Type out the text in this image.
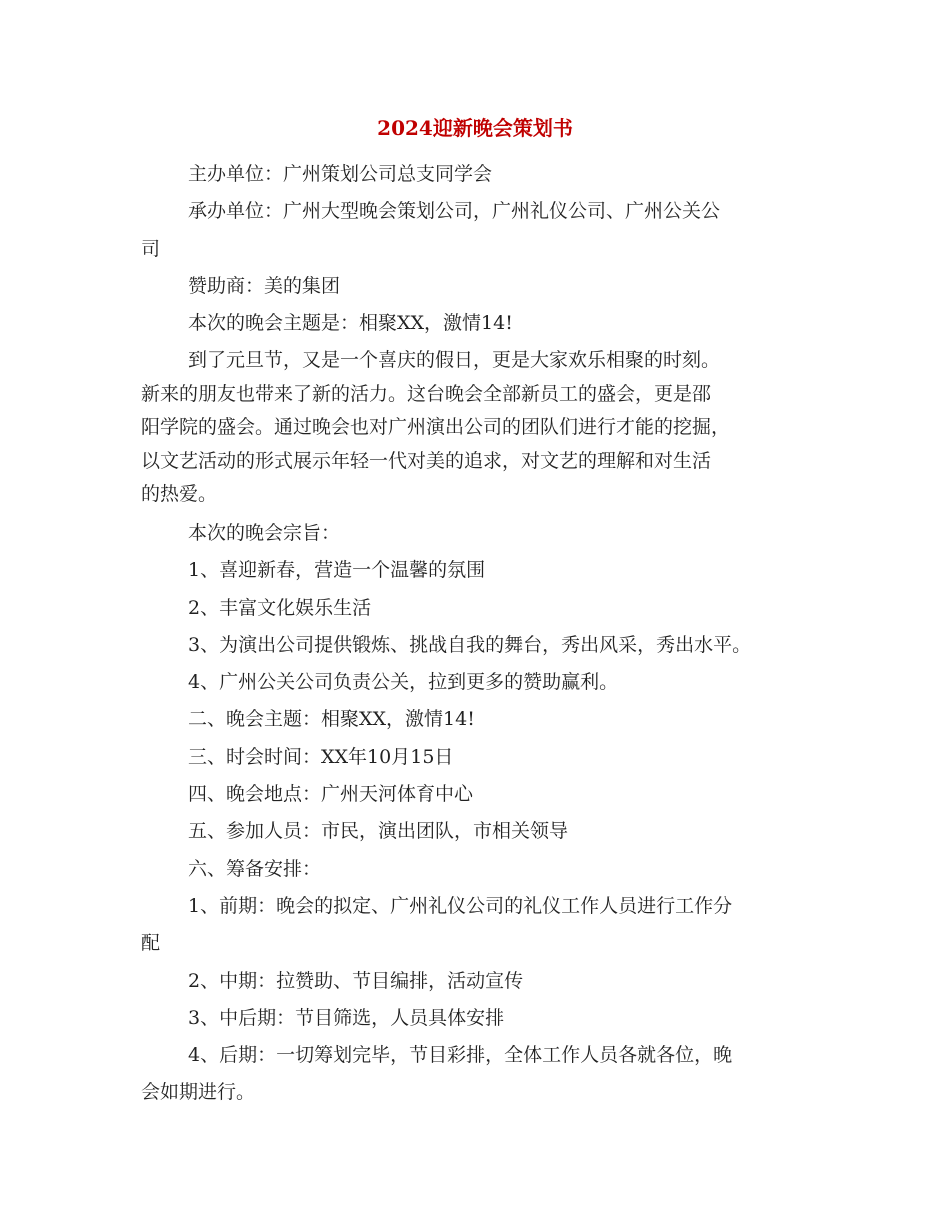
2024迎新晚会策划书
主办单位：广州策划公司总支同学会
承办单位：广州大型晚会策划公司，广州礼仪公司、广州公关公
司
赞助商：美的集团
本次的晚会主题是：相聚XX，激情14!
到了元旦节，又是一个喜庆的假日，更是大家欢乐相聚的时刻。
新来的朋友也带来了新的活力。这台晚会全部新员工的盛会，更是邵
阳学院的盛会。通过晚会也对广州演出公司的团队们进行才能的挖掘，
以文艺活动的形式展示年轻一代对美的追求，对文艺的理解和对生活
的热爱。
本次的晚会宗旨：
1、喜迎新春，营造一个温馨的氛围
2、丰富文化娱乐生活
3、为演出公司提供锻炼、挑战自我的舞台，秀出风采，秀出水平。
4、广州公关公司负责公关，拉到更多的赞助赢利。
二、晚会主题：相聚XX，激情14!
三、时会时间：XX年10月15日
四、晚会地点：广州天河体育中心
五、参加人员：市民，演出团队，市相关领导
六、筹备安排：
1、前期：晚会的拟定、广州礼仪公司的礼仪工作人员进行工作分
配
2、中期：拉赞助、节目编排，活动宣传
3、中后期：节目筛选，人员具体安排
4、后期：一切筹划完毕，节目彩排，全体工作人员各就各位，晚
会如期进行。
